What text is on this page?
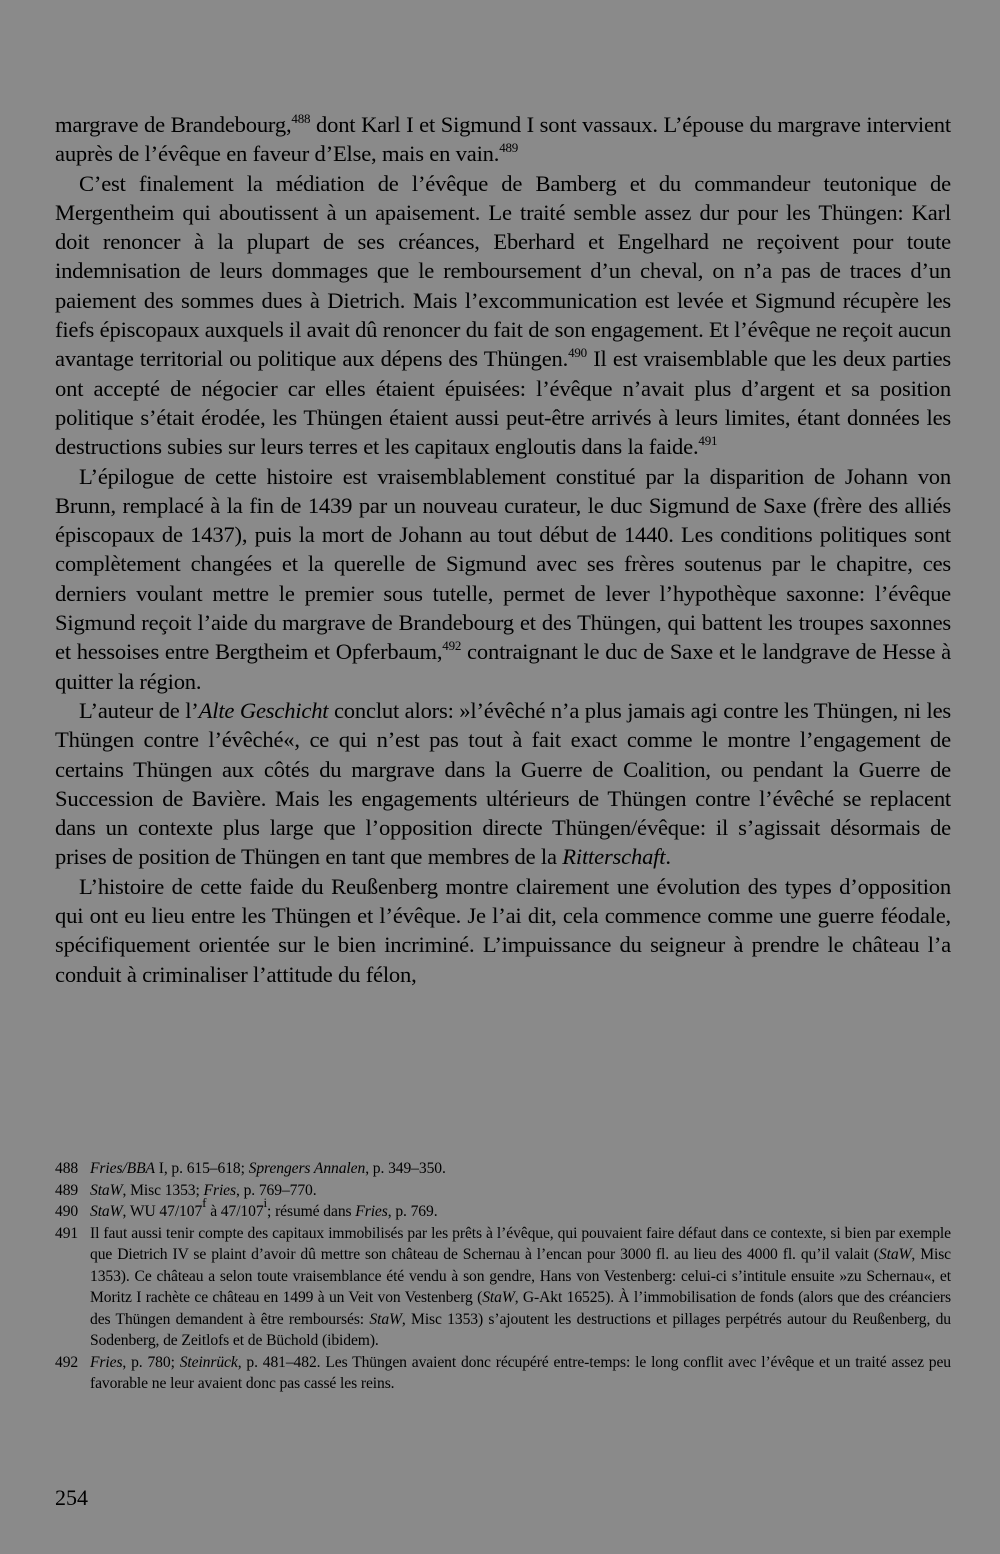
margrave de Brandebourg,$^{488}$ dont Karl I et Sigmund I sont vassaux. L’épouse du margrave intervient auprès de l’évêque en faveur d’Else, mais en vain.$^{489}$

C’est finalement la médiation de l’évêque de Bamberg et du commandeur teutonique de Mergentheim qui aboutissent à un apaisement. Le traité semble assez dur pour les Thüngen: Karl doit renoncer à la plupart de ses créances, Eberhard et Engelhard ne reçoivent pour toute indemnisation de leurs dommages que le remboursement d’un cheval, on n’a pas de traces d’un paiement des sommes dues à Dietrich. Mais l’excommunication est levée et Sigmund récupère les fiefs épiscopaux auxquels il avait dû renoncer du fait de son engagement. Et l’évêque ne reçoit aucun avantage territorial ou politique aux dépens des Thüngen.$^{490}$ Il est vraisemblable que les deux parties ont accepté de négocier car elles étaient épuisées: l’évêque n’avait plus d’argent et sa position politique s’était érodée, les Thüngen étaient aussi peut-être arrivés à leurs limites, étant données les destructions subies sur leurs terres et les capitaux engloutis dans la faide.$^{491}$

L’épilogue de cette histoire est vraisemblablement constitué par la disparition de Johann von Brunn, remplacé à la fin de 1439 par un nouveau curateur, le duc Sigmund de Saxe (frère des alliés épiscopaux de 1437), puis la mort de Johann au tout début de 1440. Les conditions politiques sont complètement changées et la querelle de Sigmund avec ses frères soutenus par le chapitre, ces derniers voulant mettre le premier sous tutelle, permet de lever l’hypothèque saxonne: l’évêque Sigmund reçoit l’aide du margrave de Brandebourg et des Thüngen, qui battent les troupes saxonnes et hessoises entre Bergtheim et Opferbaum,$^{492}$ contraignant le duc de Saxe et le landgrave de Hesse à quitter la région.

L’auteur de l’Alte Geschicht conclut alors: »l’évêché n’a plus jamais agi contre les Thüngen, ni les Thüngen contre l’évêché«, ce qui n’est pas tout à fait exact comme le montre l’engagement de certains Thüngen aux côtés du margrave dans la Guerre de Coalition, ou pendant la Guerre de Succession de Bavière. Mais les engagements ultérieurs de Thüngen contre l’évêché se replacent dans un contexte plus large que l’opposition directe Thüngen/évêque: il s’agissait désormais de prises de position de Thüngen en tant que membres de la Ritterschaft.

L’histoire de cette faide du Reußenberg montre clairement une évolution des types d’opposition qui ont eu lieu entre les Thüngen et l’évêque. Je l’ai dit, cela commence comme une guerre féodale, spécifiquement orientée sur le bien incriminé. L’impuissance du seigneur à prendre le château l’a conduit à criminaliser l’attitude du félon,

488 Fries/BBA I, p. 615–618; Sprengers Annalen, p. 349–350.
489 StaW, Misc 1353; Fries, p. 769–770.
490 StaW, WU 47/107$^f$ à 47/107$^i$; résumé dans Fries, p. 769.
491 Il faut aussi tenir compte des capitaux immobilisés par les prêts à l’évêque, qui pouvaient faire défaut dans ce contexte, si bien par exemple que Dietrich IV se plaint d’avoir dû mettre son château de Schernau à l’encan pour 3000 fl. au lieu des 4000 fl. qu’il valait (StaW, Misc 1353). Ce château a selon toute vraisemblance été vendu à son gendre, Hans von Vestenberg: celui-ci s’intitule ensuite »zu Schernau«, et Moritz I rachète ce château en 1499 à un Veit von Vestenberg (StaW, G-Akt 16525). À l’immobilisation de fonds (alors que des créanciers des Thüngen demandent à être remboursés: StaW, Misc 1353) s’ajoutent les destructions et pillages perpétrés autour du Reußenberg, du Sodenberg, de Zeitlofs et de Büchold (ibidem).
492 Fries, p. 780; Steinrück, p. 481–482. Les Thüngen avaient donc récupéré entre-temps: le long conflit avec l’évêque et un traité assez peu favorable ne leur avaient donc pas cassé les reins.
254
